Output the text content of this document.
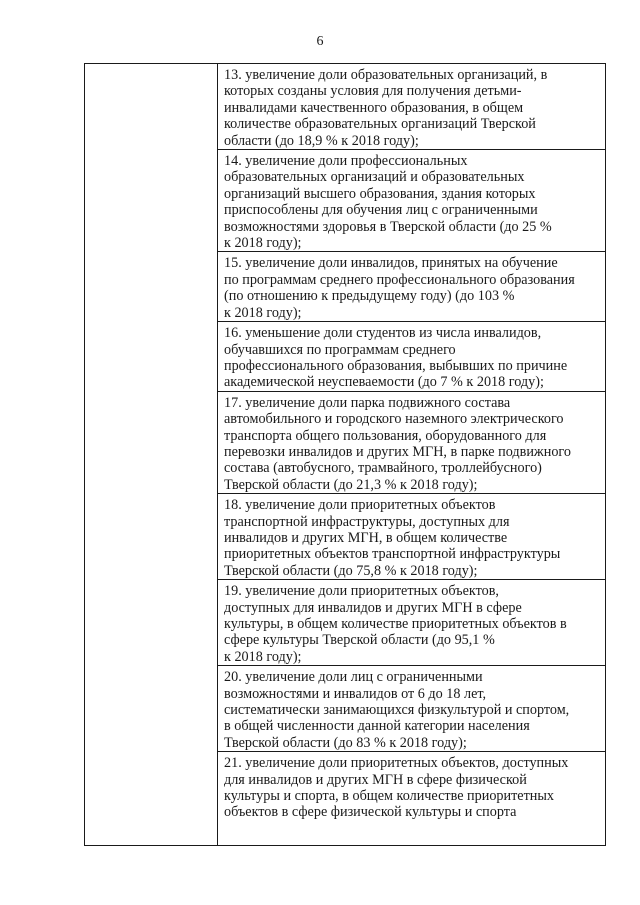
6
13. увеличение доли образовательных организаций, в
которых созданы условия для получения детьми-
инвалидами качественного образования, в общем
количестве образовательных организаций Тверской
области (до 18,9 % к 2018 году);
14. увеличение доли профессиональных
образовательных организаций и образовательных
организаций высшего образования, здания которых
приспособлены для обучения лиц с ограниченными
возможностями здоровья в Тверской области (до 25 %
к 2018 году);
15. увеличение доли инвалидов, принятых на обучение
по программам среднего профессионального образования
(по отношению к предыдущему году) (до 103 %
к 2018 году);
16. уменьшение доли студентов из числа инвалидов,
обучавшихся по программам среднего
профессионального образования, выбывших по причине
академической неуспеваемости (до 7 % к 2018 году);
17. увеличение доли парка подвижного состава
автомобильного и городского наземного электрического
транспорта общего пользования, оборудованного для
перевозки инвалидов и других МГН, в парке подвижного
состава (автобусного, трамвайного, троллейбусного)
Тверской области (до 21,3 % к 2018 году);
18. увеличение доли приоритетных объектов
транспортной инфраструктуры, доступных для
инвалидов и других МГН, в общем количестве
приоритетных объектов транспортной инфраструктуры
Тверской области (до 75,8 % к 2018 году);
19. увеличение доли приоритетных объектов,
доступных для инвалидов и других МГН в сфере
культуры, в общем количестве приоритетных объектов в
сфере культуры Тверской области (до 95,1 %
к 2018 году);
20. увеличение доли лиц с ограниченными
возможностями и инвалидов от 6 до 18 лет,
систематически занимающихся физкультурой и спортом,
в общей численности данной категории населения
Тверской области (до 83 % к 2018 году);
21. увеличение доли приоритетных объектов, доступных
для инвалидов и других МГН в сфере физической
культуры и спорта, в общем количестве приоритетных
объектов в сфере физической культуры и спорта
